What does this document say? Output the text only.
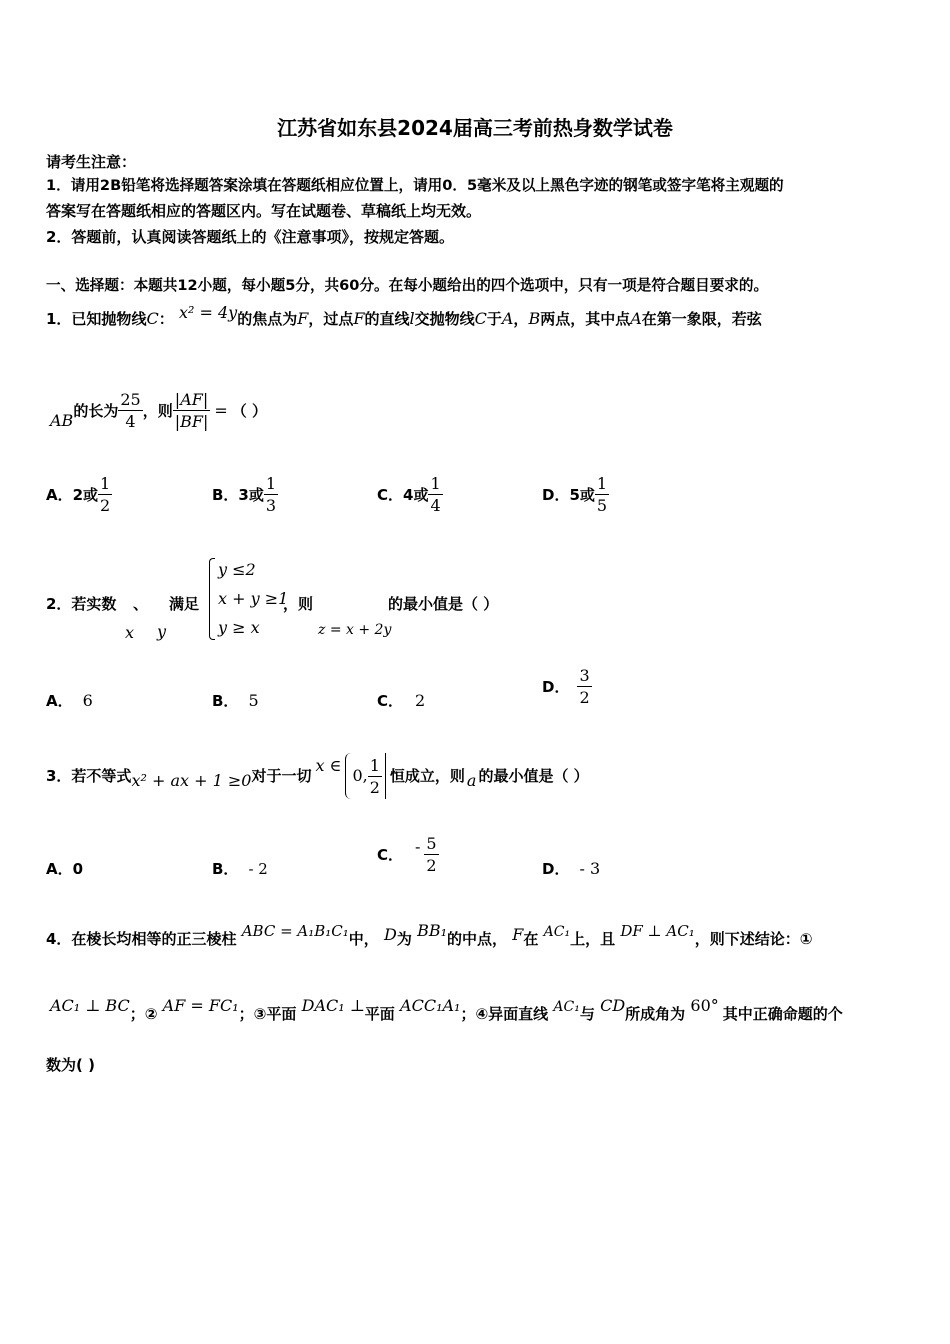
江苏省如东县2024届高三考前热身数学试卷
请考生注意：
1．请用2B铅笔将选择题答案涂填在答题纸相应位置上，请用0．5毫米及以上黑色字迹的钢笔或签字笔将主观题的
答案写在答题纸相应的答题区内。写在试题卷、草稿纸上均无效。
2．答题前，认真阅读答题纸上的《注意事项》，按规定答题。
一、选择题：本题共12小题，每小题5分，共60分。在每小题给出的四个选项中，只有一项是符合题目要求的。
1．已知抛物线C： x² = 4y的焦点为F，过点F的直线l交抛物线C于A，B两点，其中点A在第一象限，若弦
AB 的长为 $\frac{25}{4}$ ，则 $\frac{|AF|}{|BF|}$ = （ ）
A．2或 $\frac{1}{2}$	B．3或 $\frac{1}{3}$	C．4或 $\frac{1}{4}$	D．5或 $\frac{1}{5}$
2．若实数 、 满足
x y
y ≤2
x + y ≥1
y ≥ x
，则
z = x + 2y
的最小值是（ ）
A． 6	B． 5	C． 2
D． $\frac{3}{2}$
3．若不等式 x² + ax + 1 ≥0 对于一切
x ∈
0, $\frac{1}{2}$ 恒成立，则 a 的最小值是（ ）
A．0	B． - 2
C． - $\frac{5}{2}$	D． - 3
4．在棱长均相等的正三棱柱 ABC = A₁B₁C₁中， D为 BB₁的中点， F在 AC₁上，且 DF ⊥ AC₁，则下述结论：①
AC₁ ⊥ BC；② AF = FC₁；③平面 DAC₁ ⊥平面 ACC₁A₁；④异面直线 AC₁与 CD所成角为 60° 其中正确命题的个
数为( )
